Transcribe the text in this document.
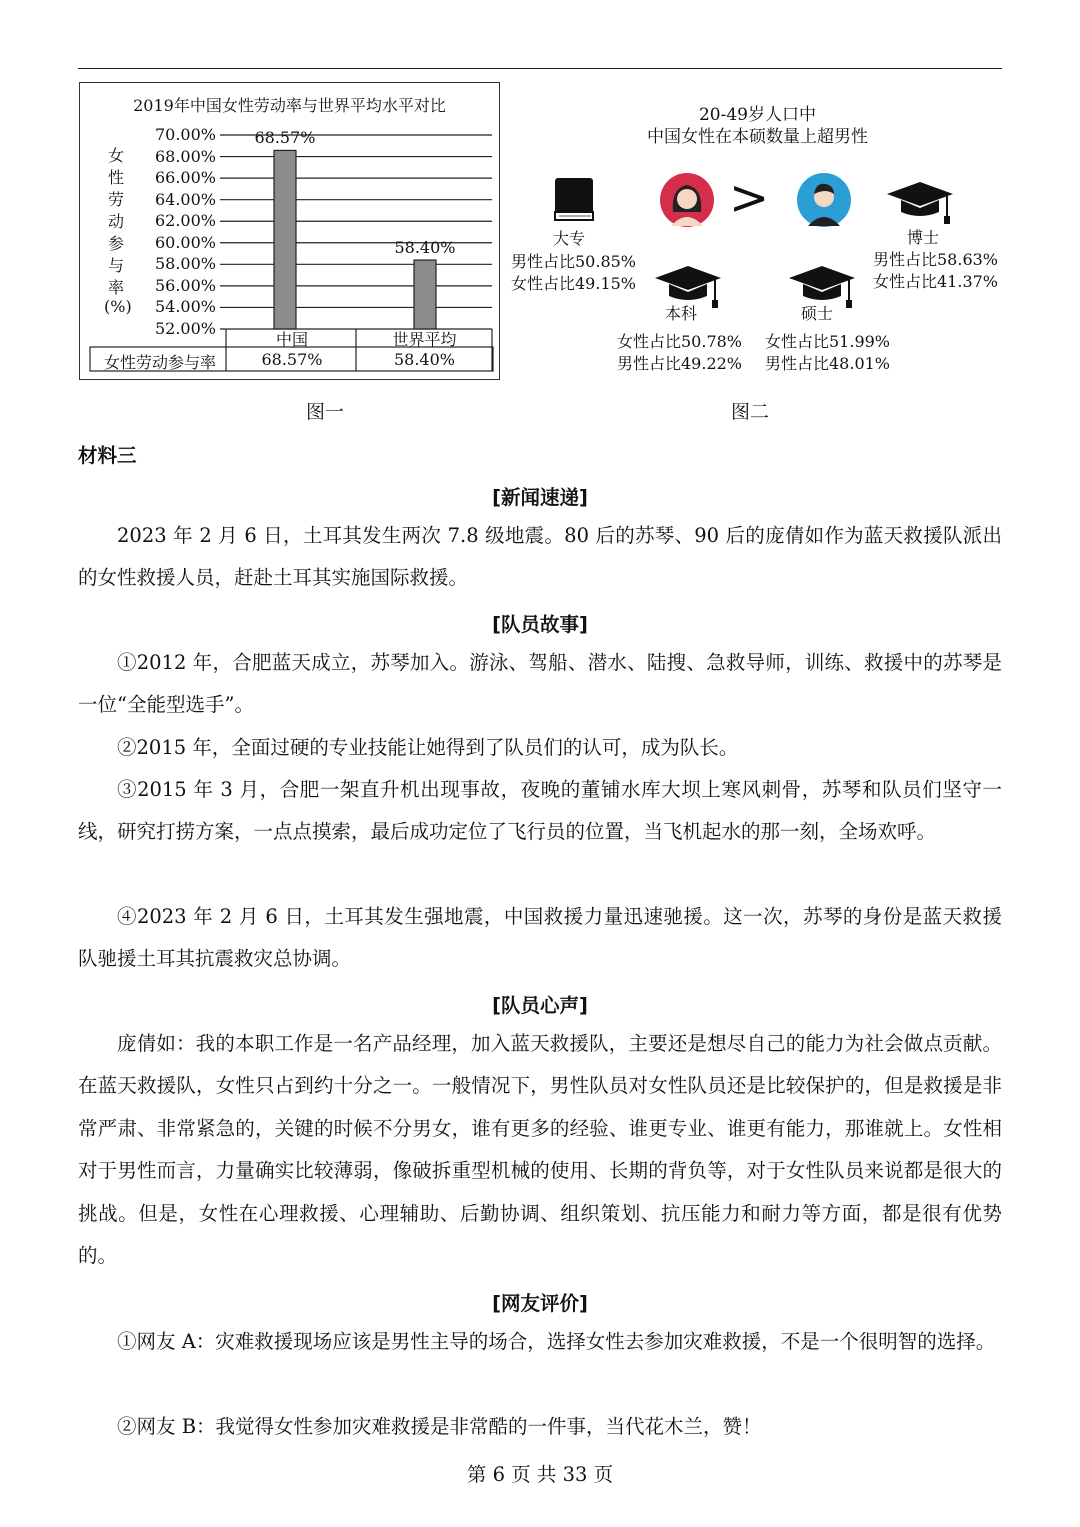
2019年中国女性劳动率与世界平均水平对比
70.00%
68.00%
66.00%
64.00%
62.00%
60.00%
58.00%
56.00%
54.00%
52.00%
女
性
劳
动
参
与
率
(%)
68.57%
58.40%
女性劳动参与率
中国	世界平均
68.57%	58.40%
图一
20-49岁人口中
中国女性在本硕数量上超男性
大专
男性占比50.85%
女性占比49.15%
>
博士
男性占比58.63%
女性占比41.37%
本科
女性占比50.78%
男性占比49.22%
硕士
女性占比51.99%
男性占比48.01%
图二
材料三
[新闻速递]
2023 年 2 月 6 日，土耳其发生两次 7.8 级地震。80 后的苏琴、90 后的庞倩如作为蓝天救援队派出的女性救援人员，赶赴土耳其实施国际救援。
[队员故事]
①2012 年，合肥蓝天成立，苏琴加入。游泳、驾船、潜水、陆搜、急救导师，训练、救援中的苏琴是一位“全能型选手”。
②2015 年，全面过硬的专业技能让她得到了队员们的认可，成为队长。
③2015 年 3 月，合肥一架直升机出现事故，夜晚的董铺水库大坝上寒风刺骨，苏琴和队员们坚守一线，研究打捞方案，一点点摸索，最后成功定位了飞行员的位置，当飞机起水的那一刻，全场欢呼。
④2023 年 2 月 6 日，土耳其发生强地震，中国救援力量迅速驰援。这一次，苏琴的身份是蓝天救援队驰援土耳其抗震救灾总协调。
[队员心声]
庞倩如：我的本职工作是一名产品经理，加入蓝天救援队，主要还是想尽自己的能力为社会做点贡献。在蓝天救援队，女性只占到约十分之一。一般情况下，男性队员对女性队员还是比较保护的，但是救援是非常严肃、非常紧急的，关键的时候不分男女，谁有更多的经验、谁更专业、谁更有能力，那谁就上。女性相对于男性而言，力量确实比较薄弱，像破拆重型机械的使用、长期的背负等，对于女性队员来说都是很大的挑战。但是，女性在心理救援、心理辅助、后勤协调、组织策划、抗压能力和耐力等方面，都是很有优势的。
[网友评价]
①网友 A：灾难救援现场应该是男性主导的场合，选择女性去参加灾难救援，不是一个很明智的选择。
②网友 B：我觉得女性参加灾难救援是非常酷的一件事，当代花木兰，赞！
第 6 页 共 33 页
